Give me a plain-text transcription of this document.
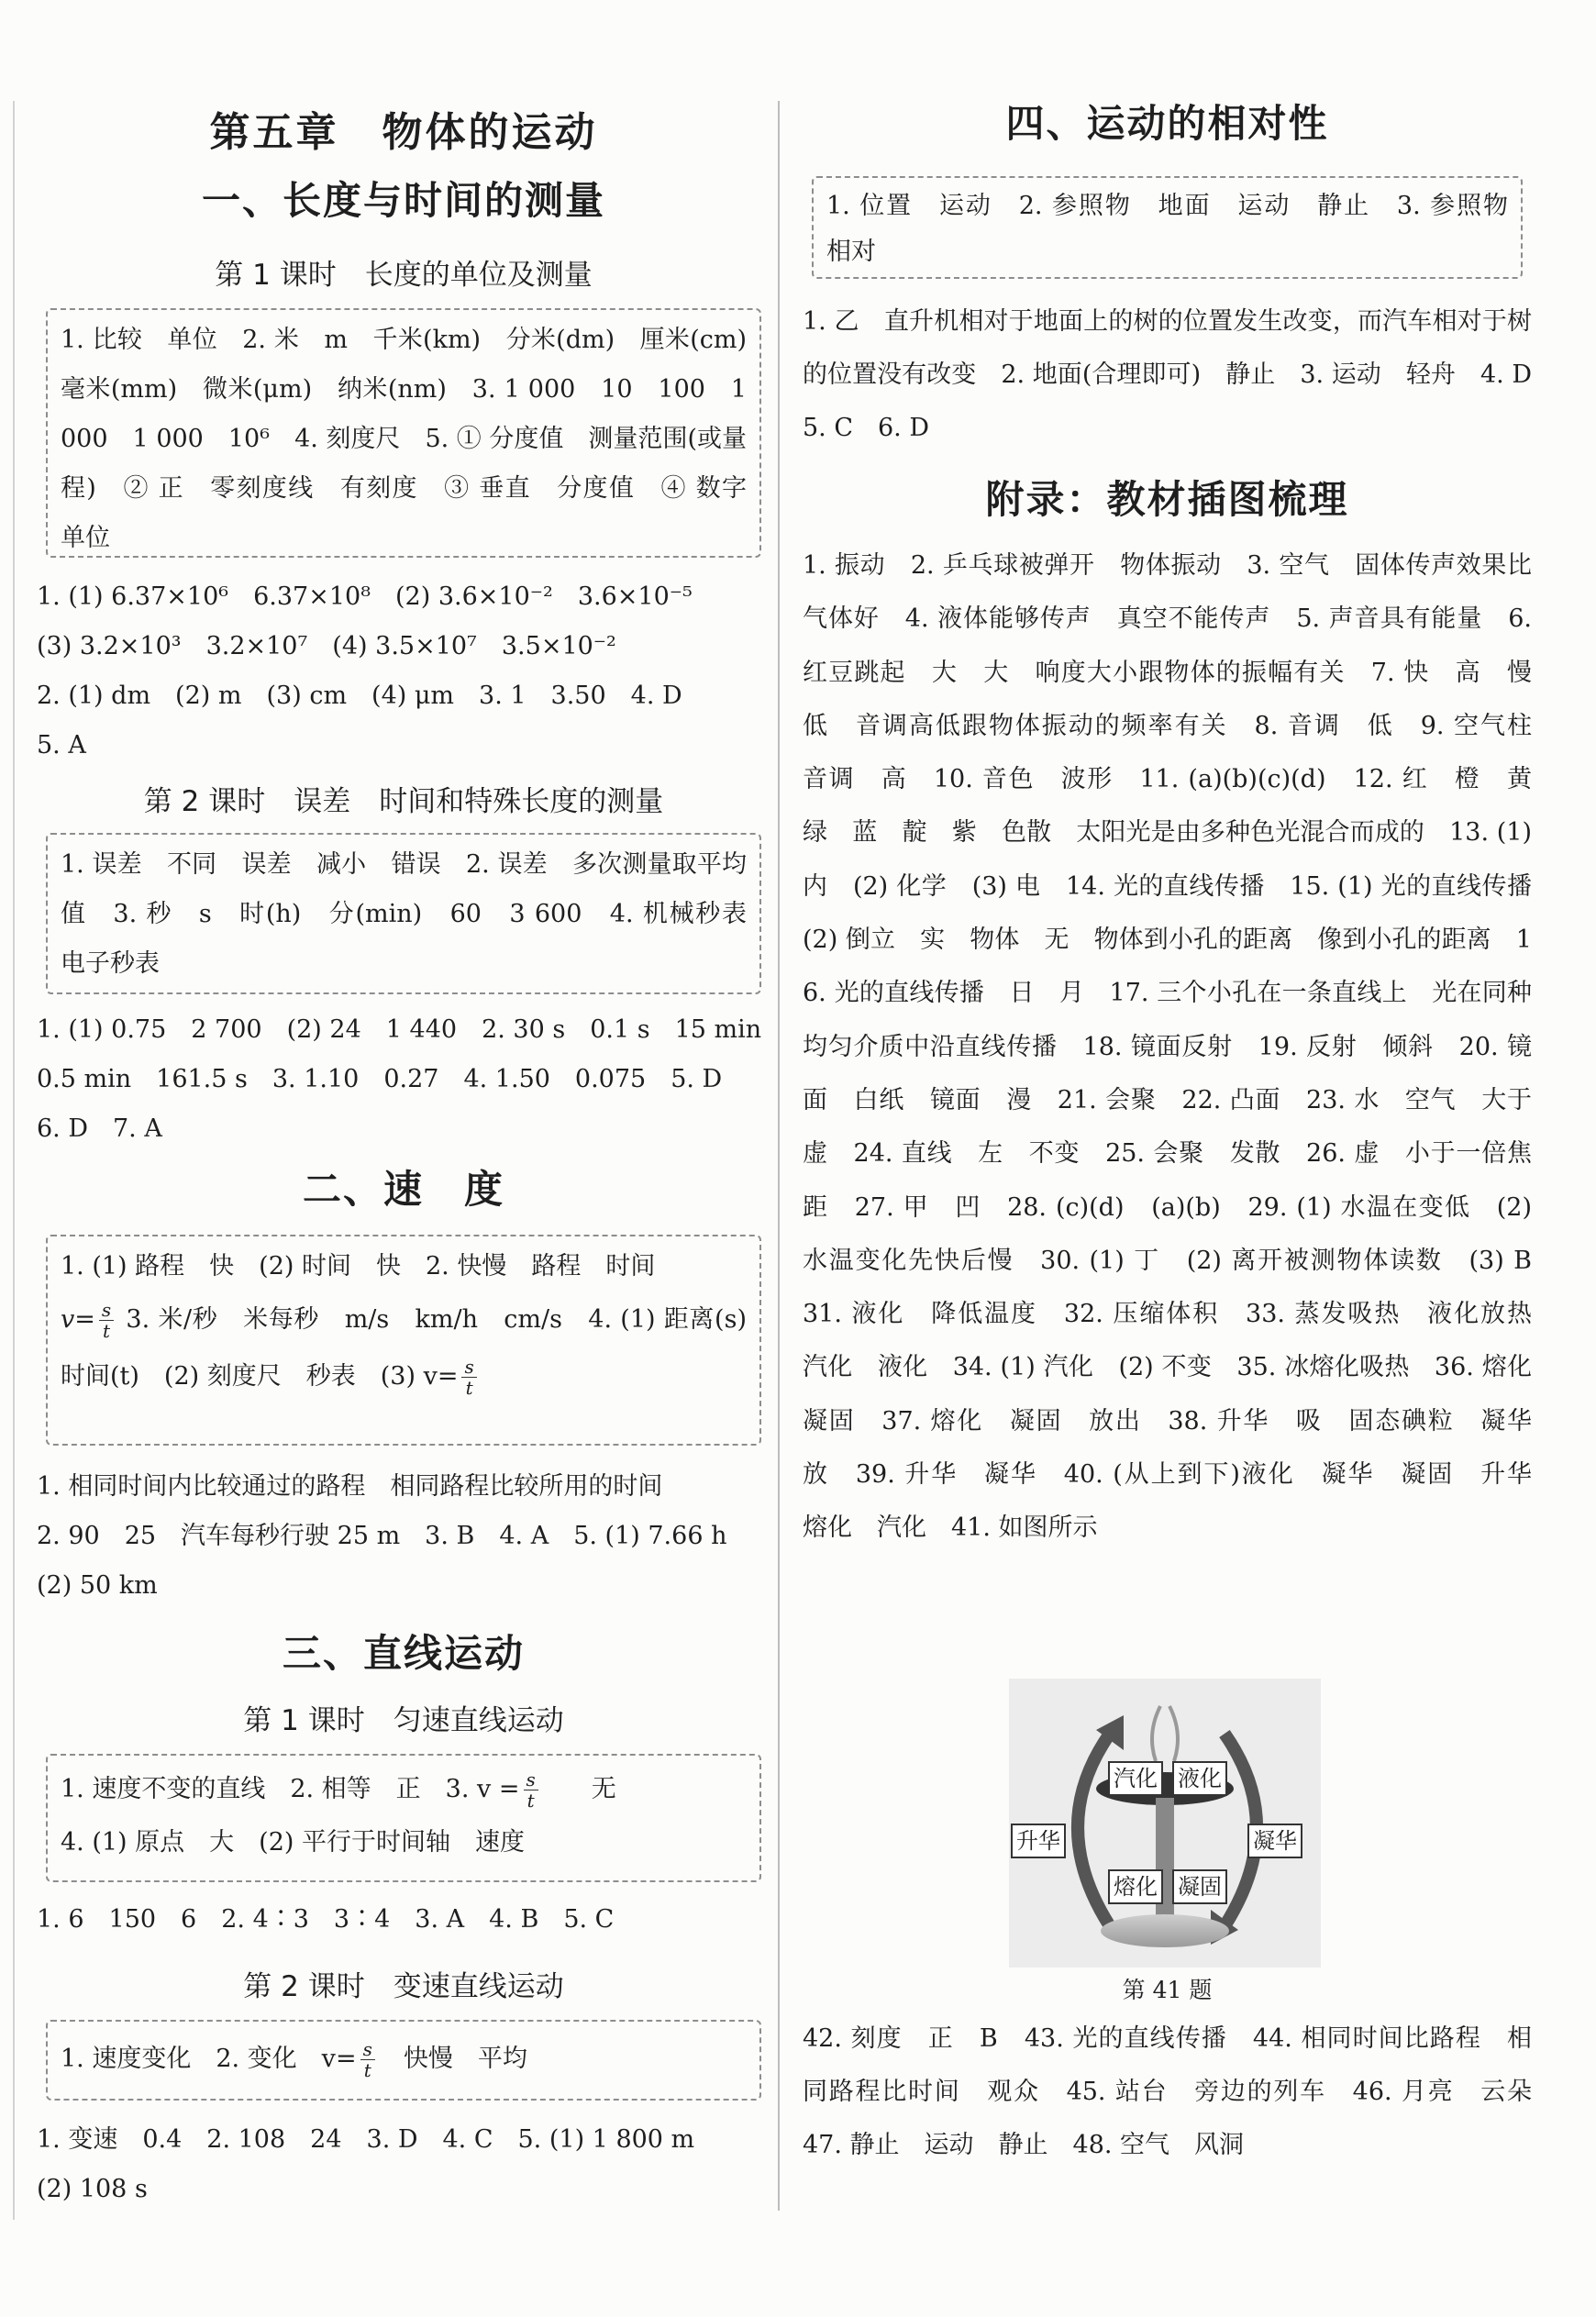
第五章　物体的运动
一、长度与时间的测量
第 1 课时　长度的单位及测量

1. 比较　单位　2. 米　m　千米(km)　分米(dm)　厘米(cm)　毫米(mm)　微米(μm)　纳米(nm)　3. 1 000　10　100　1 000　1 000　10⁶　4. 刻度尺　5. ① 分度值　测量范围(或量程)　② 正　零刻度线　有刻度　③ 垂直　分度值　④ 数字　单位

1. (1) 6.37×10⁶　6.37×10⁸　(2) 3.6×10⁻²　3.6×10⁻⁵

(3) 3.2×10³　3.2×10⁷　(4) 3.5×10⁷　3.5×10⁻²

2. (1) dm　(2) m　(3) cm　(4) μm　3. 1　3.50　4. D

5. A

第 2 课时　误差　时间和特殊长度的测量

1. 误差　不同　误差　减小　错误　2. 误差　多次测量取平均值　3. 秒　s　时(h)　分(min)　60　3 600　4. 机械秒表　电子秒表

1. (1) 0.75　2 700　(2) 24　1 440　2. 30 s　0.1 s　15 min

0.5 min　161.5 s　3. 1.10　0.27　4. 1.50　0.075　5. D

6. D　7. A

二、速　度

1. (1) 路程　快　(2) 时间　快　2. 快慢　路程　时间

$v= \frac{s}{t} 3$. 米/秒　米每秒　m/s　km/h　cm/s　4. (1) 距离(s)　时间(t)　(2) 刻度尺　秒表　(3) $v= \frac{s}{t}$

1. 相同时间内比较通过的路程　相同路程比较所用的时间

2. 90　25　汽车每秒行驶 25 m　3. B　4. A　5. (1) 7.66 h

(2) 50 km

三、直线运动
第 1 课时　匀速直线运动

1. 速度不变的直线　2. 相等　正　3. $v = \frac{s}{t}$
　　 无

4. (1) 原点　大　(2) 平行于时间轴　速度

1. 6　150　6　2. 4∶3　3∶4　3. A　4. B　5. C

第 2 课时　变速直线运动

1. 速度变化　2. 变化　$v= \frac{s}{t}$
　 快慢　平均

1. 变速　0.4　2. 108　24　3. D　4. C　5. (1) 1 800 m

(2) 108 s

四、运动的相对性

1. 位置　运动　2. 参照物　地面　运动　静止　3. 参照物　相对

1. 乙　直升机相对于地面上的树的位置发生改变，而汽车相对于树的位置没有改变　2. 地面(合理即可)　静止　3. 运动　轻舟　4. D　5. C　6. D

附录：教材插图梳理

1. 振动　2. 乒乓球被弹开　物体振动　3. 空气　固体传声效果比气体好　4. 液体能够传声　真空不能传声　5. 声音具有能量　6. 红豆跳起　大　大　响度大小跟物体的振幅有关　7. 快　高　慢　低　音调高低跟物体振动的频率有关　8. 音调　低　9. 空气柱　音调　高　10. 音色　波形　11. (a)(b)(c)(d)　12. 红　橙　黄　绿　蓝　靛　紫　色散　太阳光是由多种色光混合而成的　13. (1) 内　(2) 化学　(3) 电　14. 光的直线传播　15. (1) 光的直线传播　(2) 倒立　实　物体　无　物体到小孔的距离　像到小孔的距离　16. 光的直线传播　日　月　17. 三个小孔在一条直线上　光在同种均匀介质中沿直线传播　18. 镜面反射　19. 反射　倾斜　20. 镜面　白纸　镜面　漫　21. 会聚　22. 凸面　23. 水　空气　大于　虚　24. 直线　左　不变　25. 会聚　发散　26. 虚　小于一倍焦距　27. 甲　凹　28. (c)(d)　(a)(b)　29. (1) 水温在变低　(2) 水温变化先快后慢　30. (1) 丁　(2) 离开被测物体读数　(3) B　31. 液化　降低温度　32. 压缩体积　33. 蒸发吸热　液化放热　汽化　液化　34. (1) 汽化　(2) 不变　35. 冰熔化吸热　36. 熔化　凝固　37. 熔化　凝固　放出　38. 升华　吸　固态碘粒　凝华　放　39. 升华　凝华　40. (从上到下)液化　凝华　凝固　升华　熔化　汽化　41. 如图所示

汽化 液化
升华	凝华
熔化 凝固
第 41 题

42. 刻度　正　B　43. 光的直线传播　44. 相同时间比路程　相同路程比时间　观众　45. 站台　旁边的列车　46. 月亮　云朵　47. 静止　运动　静止　48. 空气　风洞
